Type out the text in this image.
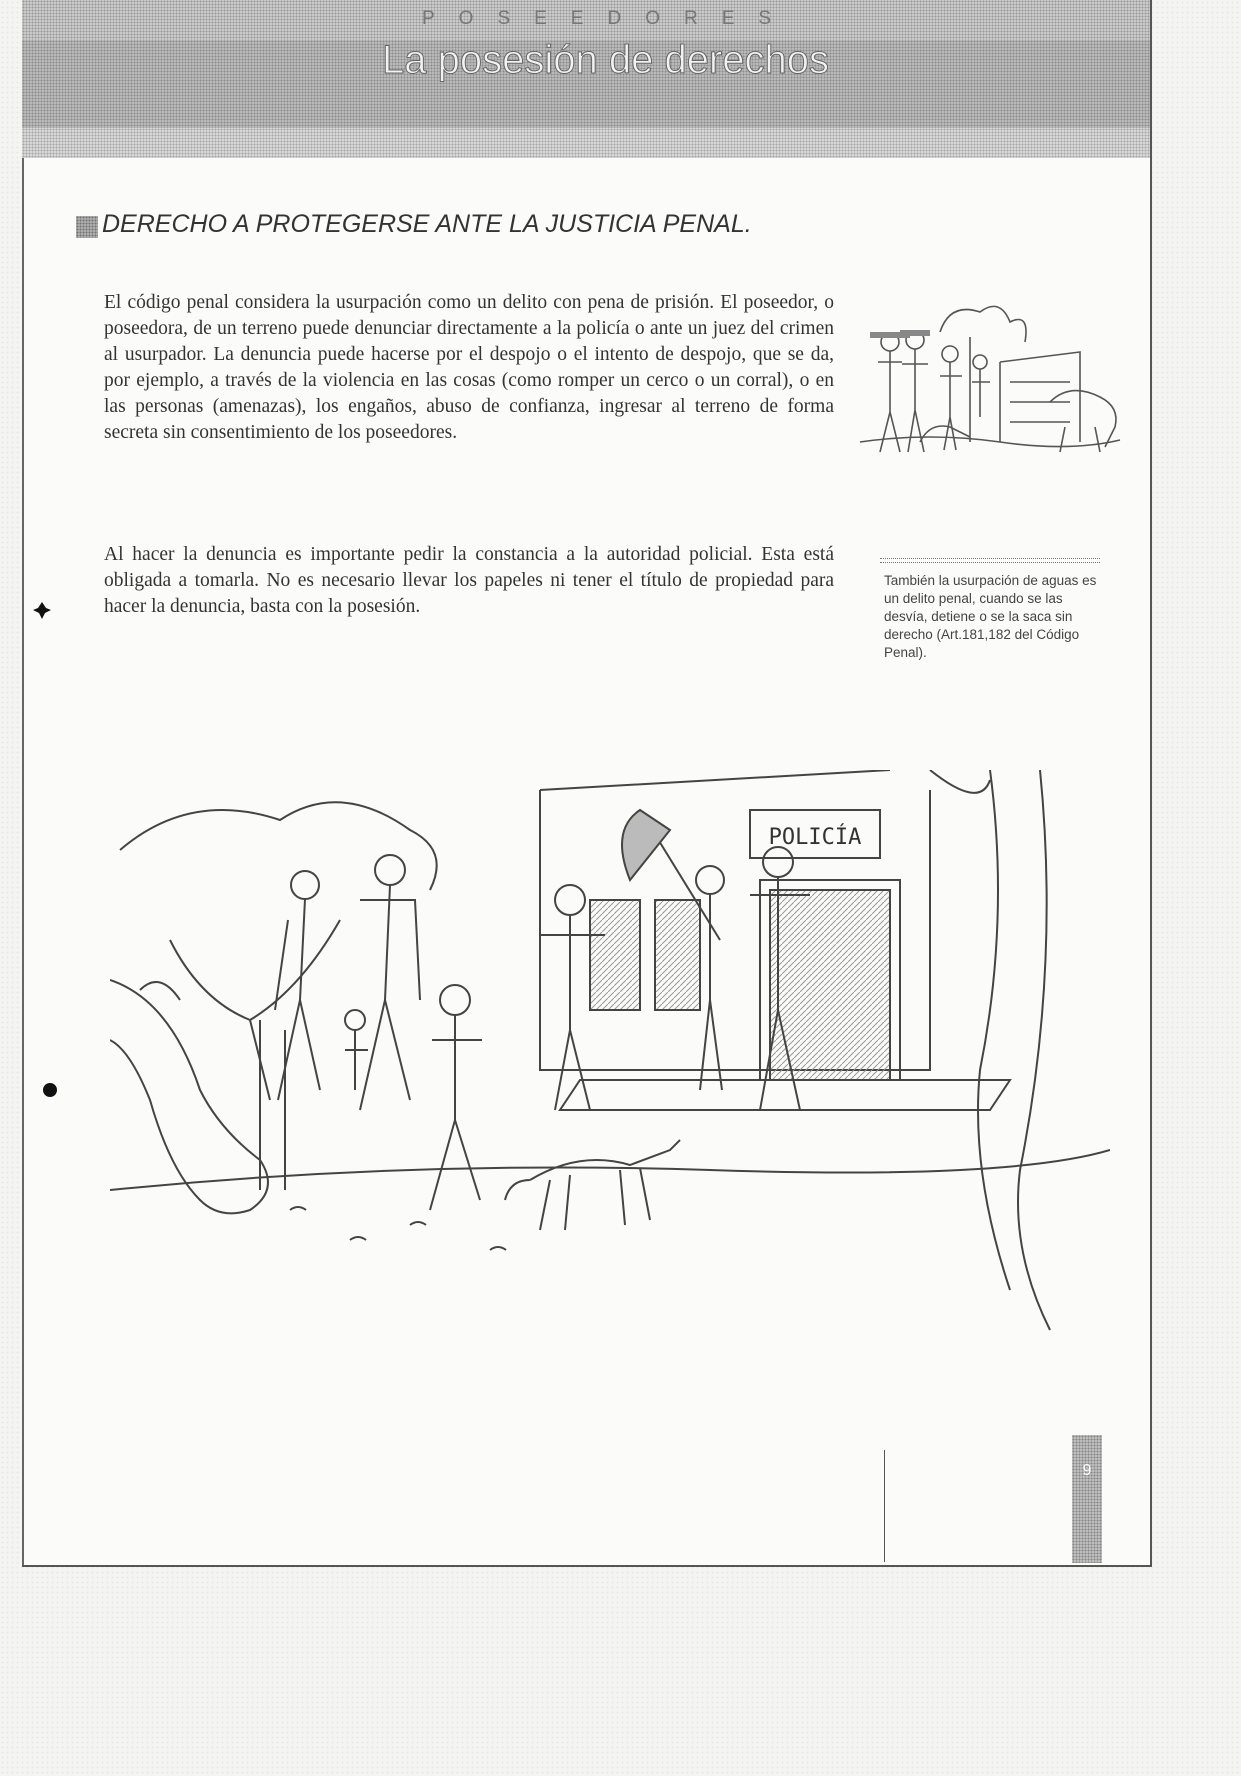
POSEEDORES
La posesión de derechos
DERECHO A PROTEGERSE ANTE LA JUSTICIA PENAL.

El código penal considera la usurpación como un delito con pena de prisión. El poseedor, o poseedora, de un terreno puede denunciar directamente a la policía o ante un juez del crimen al usurpador. La denuncia puede hacerse por el despojo o el intento de despojo, que se da, por ejemplo, a través de la violencia en las cosas (como romper un cerco o un corral), o en las personas (amenazas), los engaños, abuso de confianza, ingresar al terreno de forma secreta sin consentimiento de los poseedores.

Al hacer la denuncia es importante pedir la constancia a la autoridad policial. Esta está obligada a tomarla. No es necesario llevar los papeles ni tener el título de propiedad para hacer la denuncia, basta con la posesión.

También la usurpación de aguas es un delito penal, cuando se las desvía, detiene o se la saca sin derecho (Art.181,182 del Código Penal).

POLICÍA
9
